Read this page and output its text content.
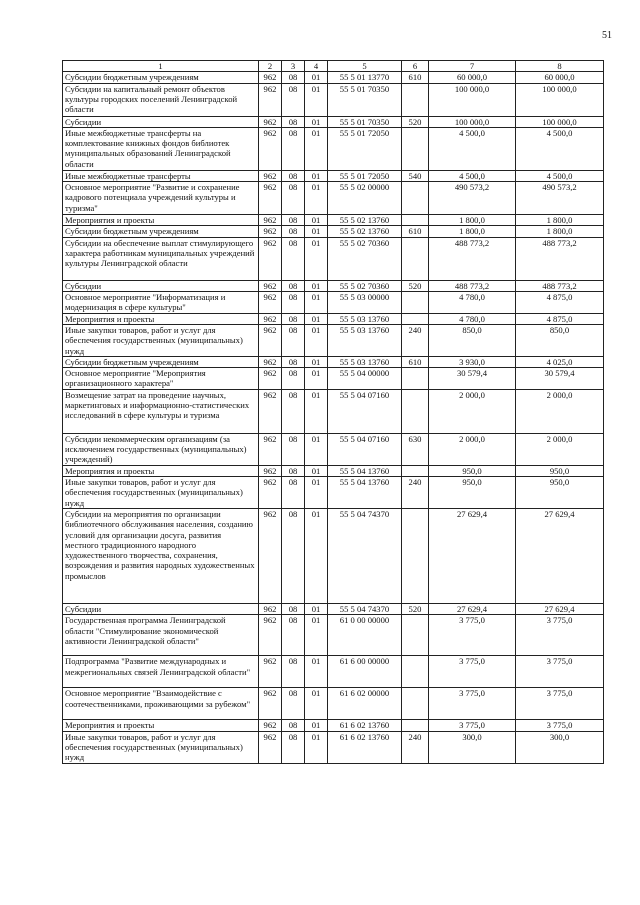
51
1	2	3	4	5	6	7	8
Субсидии бюджетным учреждениям	962	08	01	55 5 01 13770	610	60 000,0	60 000,0
Субсидии на капитальный ремонт объектов культуры городских поселений Ленинградской области	962	08	01	55 5 01 70350		100 000,0	100 000,0
Субсидии	962	08	01	55 5 01 70350	520	100 000,0	100 000,0
Иные межбюджетные трансферты на комплектование книжных фондов библиотек муниципальных образований Ленинградской области	962	08	01	55 5 01 72050		4 500,0	4 500,0
Иные межбюджетные трансферты	962	08	01	55 5 01 72050	540	4 500,0	4 500,0
Основное мероприятие "Развитие и сохранение кадрового потенциала учреждений культуры и туризма"	962	08	01	55 5 02 00000		490 573,2	490 573,2
Мероприятия и проекты	962	08	01	55 5 02 13760		1 800,0	1 800,0
Субсидии бюджетным учреждениям	962	08	01	55 5 02 13760	610	1 800,0	1 800,0
Субсидии на обеспечение выплат стимулирующего характера работникам муниципальных учреждений культуры Ленинградской области	962	08	01	55 5 02 70360		488 773,2	488 773,2
Субсидии	962	08	01	55 5 02 70360	520	488 773,2	488 773,2
Основное мероприятие "Информатизация и модернизация в сфере культуры"	962	08	01	55 5 03 00000		4 780,0	4 875,0
Мероприятия и проекты	962	08	01	55 5 03 13760		4 780,0	4 875,0
Иные закупки товаров, работ и услуг для обеспечения государственных (муниципальных) нужд	962	08	01	55 5 03 13760	240	850,0	850,0
Субсидии бюджетным учреждениям	962	08	01	55 5 03 13760	610	3 930,0	4 025,0
Основное мероприятие "Мероприятия организационного характера"	962	08	01	55 5 04 00000		30 579,4	30 579,4
Возмещение затрат на проведение научных, маркетинговых и информационно-статистических исследований в сфере культуры и туризма	962	08	01	55 5 04 07160		2 000,0	2 000,0
Субсидии некоммерческим организациям (за исключением государственных (муниципальных) учреждений)	962	08	01	55 5 04 07160	630	2 000,0	2 000,0
Мероприятия и проекты	962	08	01	55 5 04 13760		950,0	950,0
Иные закупки товаров, работ и услуг для обеспечения государственных (муниципальных) нужд	962	08	01	55 5 04 13760	240	950,0	950,0
Субсидии на мероприятия по организации библиотечного обслуживания населения, созданию условий для организации досуга, развития местного традиционного народного художественного творчества, сохранения, возрождения и развития народных художественных промыслов	962	08	01	55 5 04 74370		27 629,4	27 629,4
Субсидии	962	08	01	55 5 04 74370	520	27 629,4	27 629,4
Государственная программа Ленинградской области "Стимулирование экономической активности Ленинградской области"	962	08	01	61 0 00 00000		3 775,0	3 775,0
Подпрограмма "Развитие международных и межрегиональных связей Ленинградской области"	962	08	01	61 6 00 00000		3 775,0	3 775,0
Основное мероприятие "Взаимодействие с соотечественниками, проживающими за рубежом"	962	08	01	61 6 02 00000		3 775,0	3 775,0
Мероприятия и проекты	962	08	01	61 6 02 13760		3 775,0	3 775,0
Иные закупки товаров, работ и услуг для обеспечения государственных (муниципальных) нужд	962	08	01	61 6 02 13760	240	300,0	300,0
